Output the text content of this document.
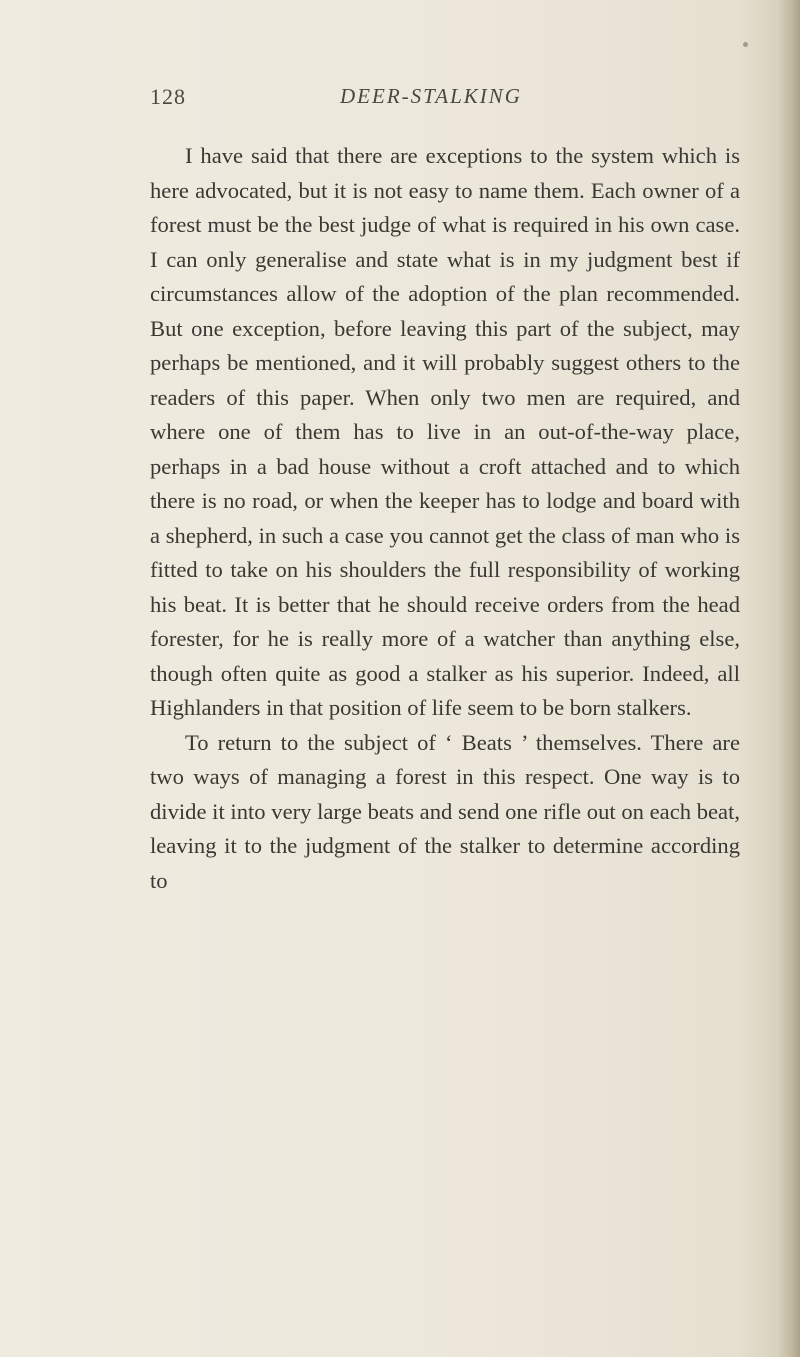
128	DEER-STALKING

I have said that there are exceptions to the system which is here advocated, but it is not easy to name them. Each owner of a forest must be the best judge of what is required in his own case. I can only generalise and state what is in my judgment best if circumstances allow of the adoption of the plan recommended. But one exception, before leaving this part of the subject, may perhaps be mentioned, and it will probably suggest others to the readers of this paper. When only two men are required, and where one of them has to live in an out-of-the-way place, perhaps in a bad house without a croft attached and to which there is no road, or when the keeper has to lodge and board with a shepherd, in such a case you cannot get the class of man who is fitted to take on his shoulders the full responsibility of working his beat. It is better that he should receive orders from the head forester, for he is really more of a watcher than anything else, though often quite as good a stalker as his superior. Indeed, all Highlanders in that position of life seem to be born stalkers.

To return to the subject of ‘ Beats ’ themselves. There are two ways of managing a forest in this respect. One way is to divide it into very large beats and send one rifle out on each beat, leaving it to the judgment of the stalker to determine according to
